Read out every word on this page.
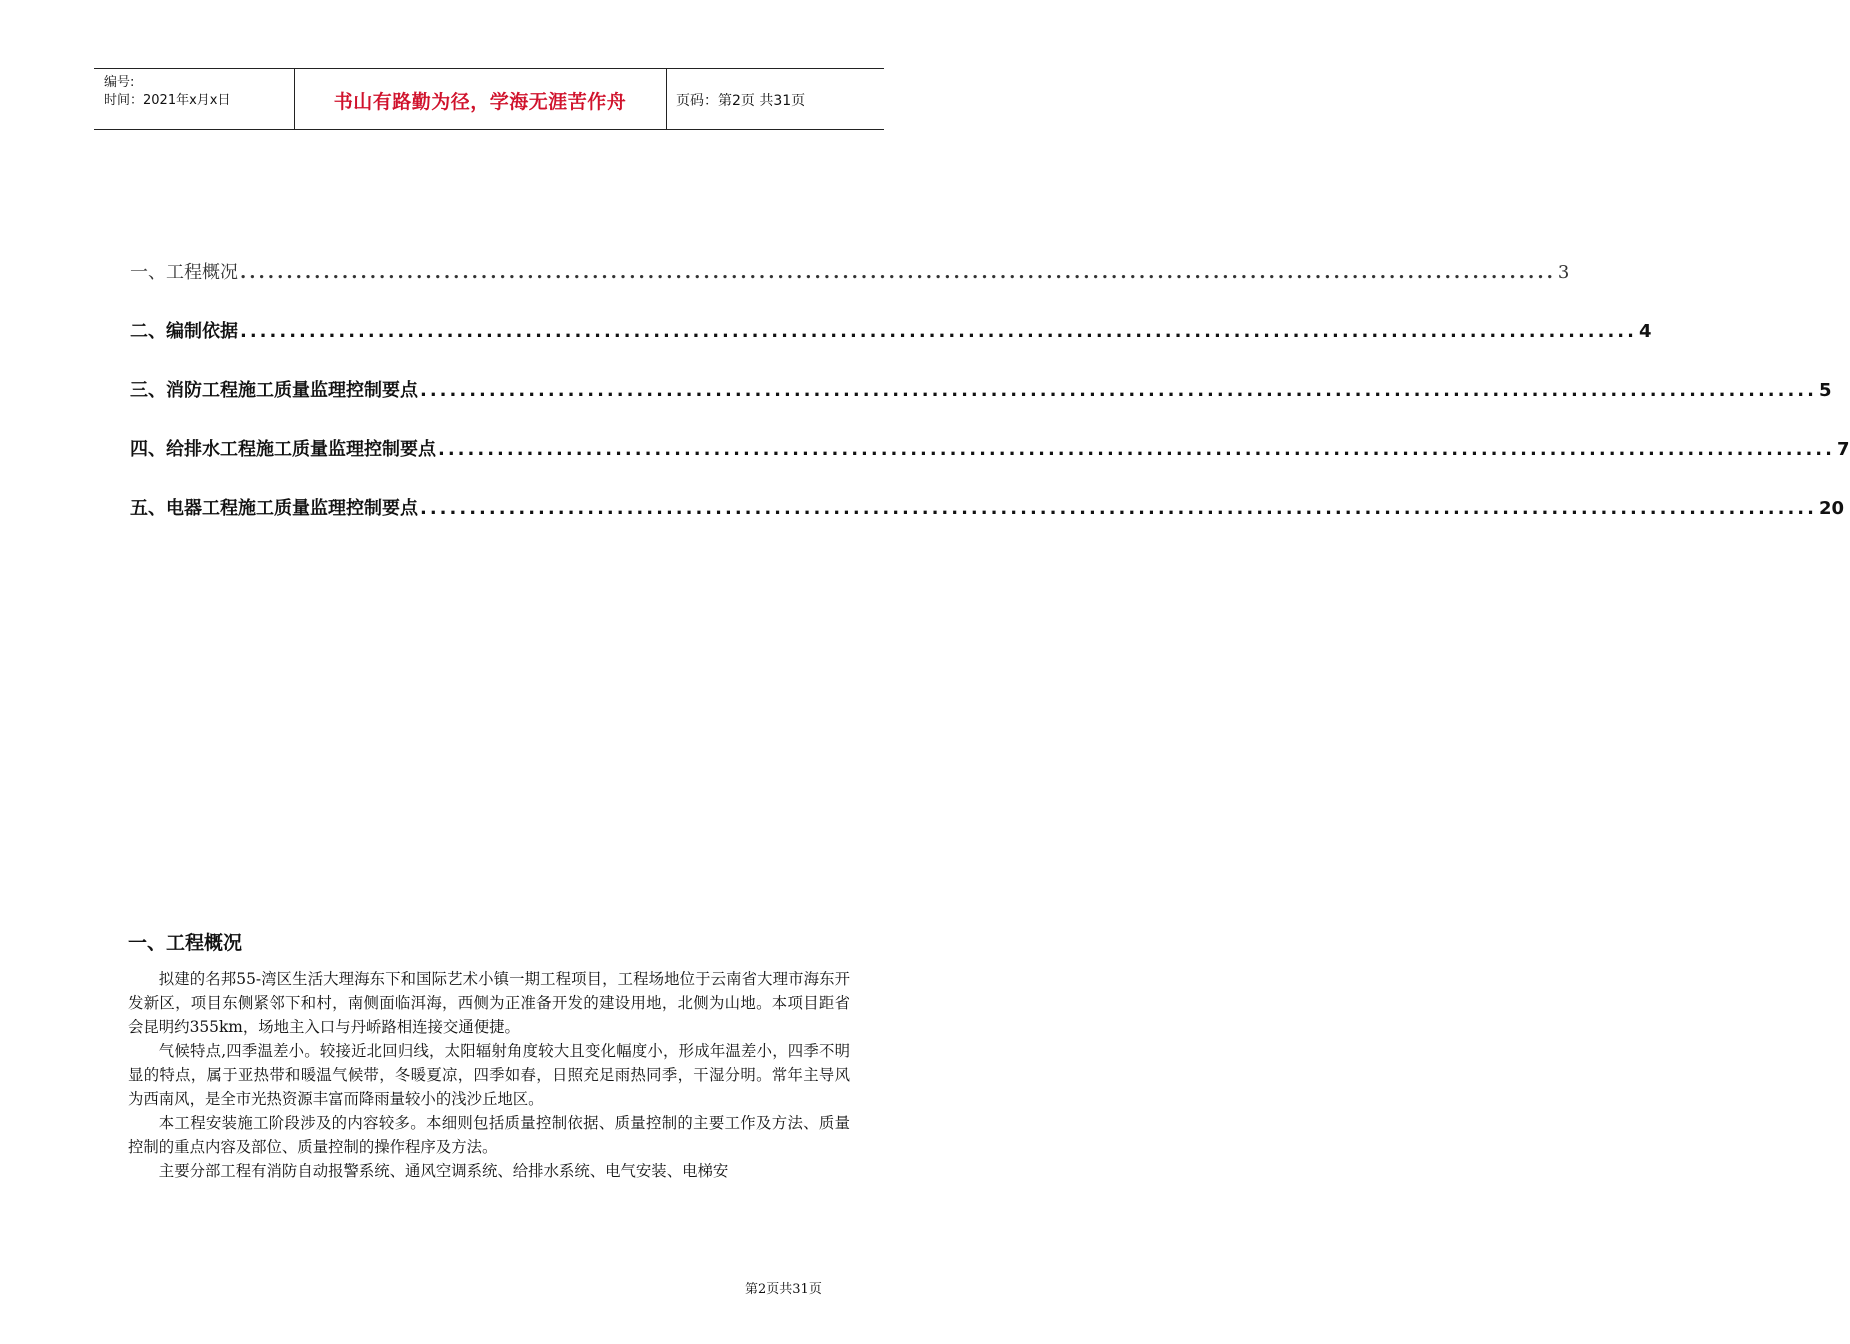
编号:
时间：2021年x月x日	书山有路勤为径，学海无涯苦作舟	页码：第2页 共31页
一、工程概况 .............................................................................................................................................. 3
二、编制依据 .............................................................................................................................................. 4
三、消防工程施工质量监理控制要点 .............................................................................................................................................. 5
四、给排水工程施工质量监理控制要点 .............................................................................................................................................. 7
五、电器工程施工质量监理控制要点 .............................................................................................................................................. 20
一、工程概况

拟建的名邦55-湾区生活大理海东下和国际艺术小镇一期工程项目，工程场地位于云南省大理市海东开发新区，项目东侧紧邻下和村，南侧面临洱海，西侧为正准备开发的建设用地，北侧为山地。本项目距省会昆明约355km，场地主入口与丹峤路相连接交通便捷。

气候特点,四季温差小。较接近北回归线，太阳辐射角度较大且变化幅度小，形成年温差小，四季不明显的特点，属于亚热带和暖温气候带，冬暖夏凉，四季如春，日照充足雨热同季，干湿分明。常年主导风为西南风，是全市光热资源丰富而降雨量较小的浅沙丘地区。

本工程安装施工阶段涉及的内容较多。本细则包括质量控制依据、质量控制的主要工作及方法、质量控制的重点内容及部位、质量控制的操作程序及方法。

主要分部工程有消防自动报警系统、通风空调系统、给排水系统、电气安装、电梯安

第2页共31页
